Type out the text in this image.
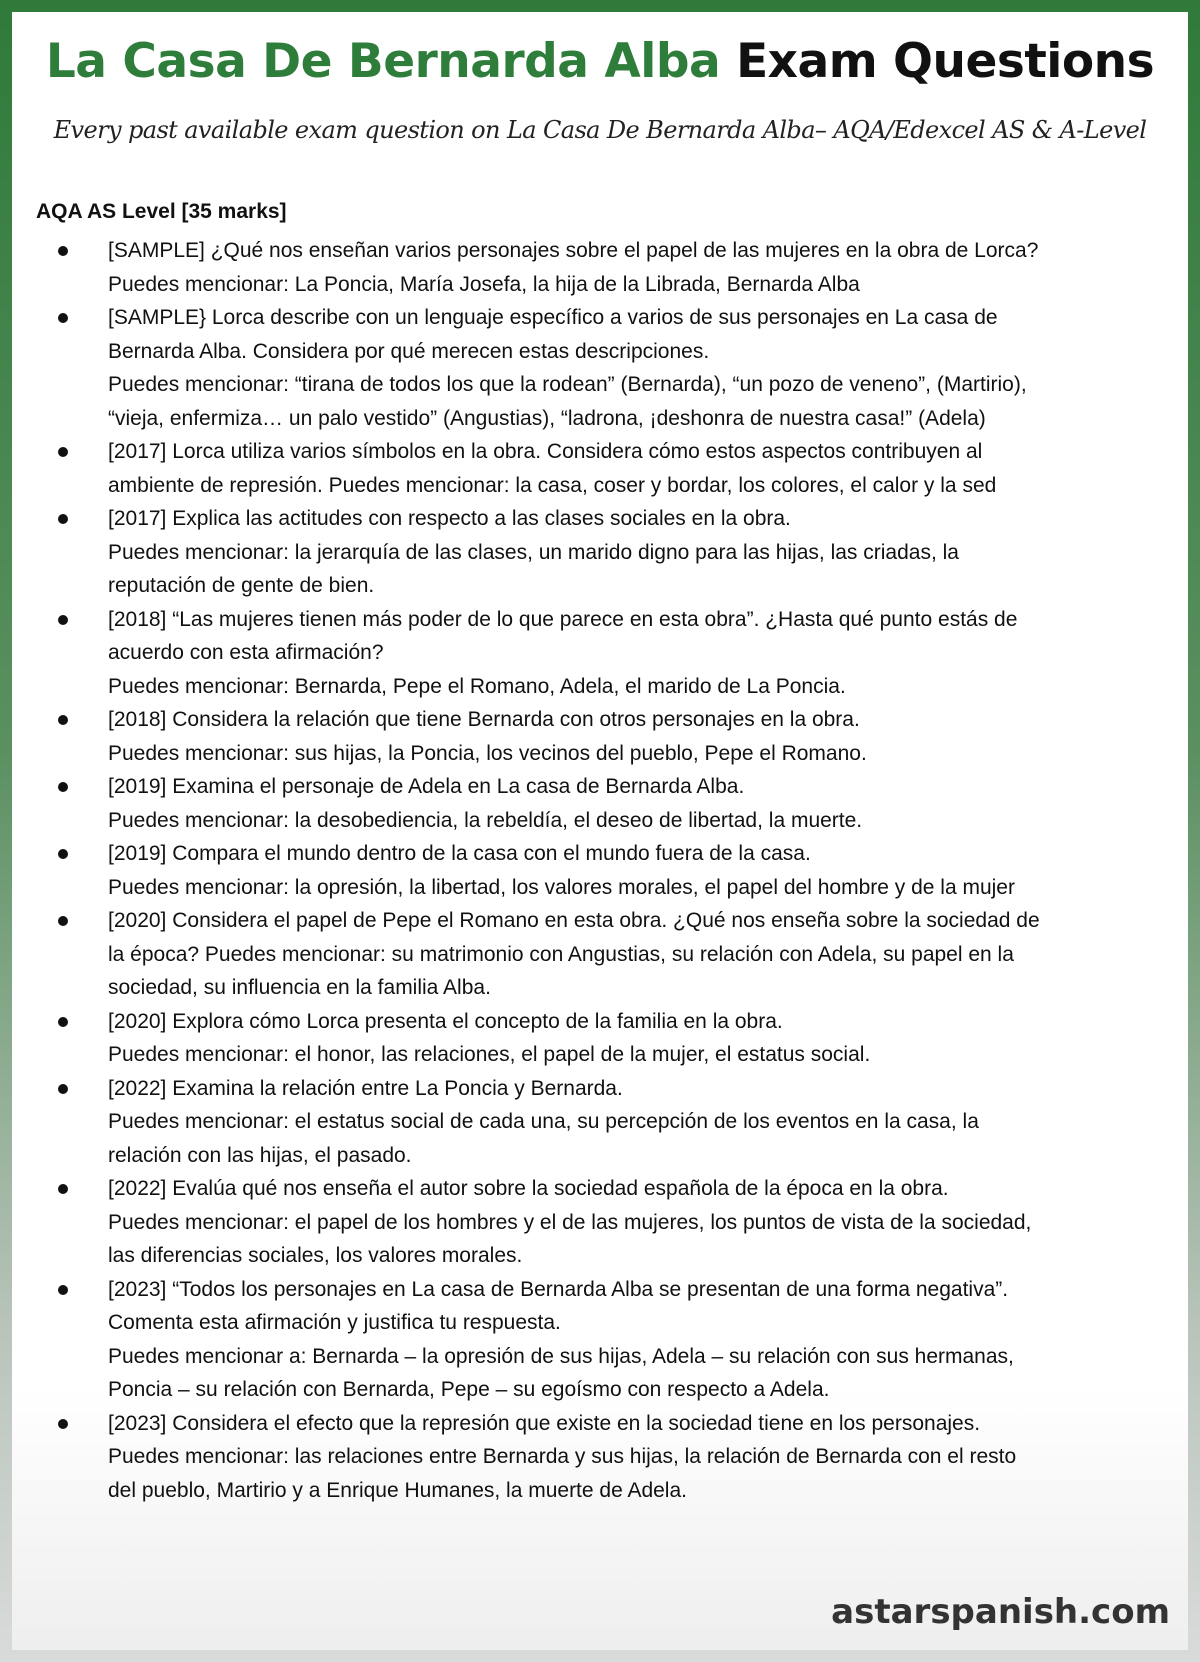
La Casa De Bernarda Alba Exam Questions
Every past available exam question on La Casa De Bernarda Alba– AQA/Edexcel AS & A-Level
AQA AS Level [35 marks]
[SAMPLE] ¿Qué nos enseñan varios personajes sobre el papel de las mujeres en la obra de Lorca?
Puedes mencionar: La Poncia, María Josefa, la hija de la Librada, Bernarda Alba
[SAMPLE} Lorca describe con un lenguaje específico a varios de sus personajes en La casa de
Bernarda Alba. Considera por qué merecen estas descripciones.
Puedes mencionar: “tirana de todos los que la rodean” (Bernarda), “un pozo de veneno”, (Martirio),
“vieja, enfermiza… un palo vestido” (Angustias), “ladrona, ¡deshonra de nuestra casa!” (Adela)
[2017] Lorca utiliza varios símbolos en la obra. Considera cómo estos aspectos contribuyen al
ambiente de represión. Puedes mencionar: la casa, coser y bordar, los colores, el calor y la sed
[2017] Explica las actitudes con respecto a las clases sociales en la obra.
Puedes mencionar: la jerarquía de las clases, un marido digno para las hijas, las criadas, la
reputación de gente de bien.
[2018] “Las mujeres tienen más poder de lo que parece en esta obra”. ¿Hasta qué punto estás de
acuerdo con esta afirmación?
Puedes mencionar: Bernarda, Pepe el Romano, Adela, el marido de La Poncia.
[2018] Considera la relación que tiene Bernarda con otros personajes en la obra.
Puedes mencionar: sus hijas, la Poncia, los vecinos del pueblo, Pepe el Romano.
[2019] Examina el personaje de Adela en La casa de Bernarda Alba.
Puedes mencionar: la desobediencia, la rebeldía, el deseo de libertad, la muerte.
[2019] Compara el mundo dentro de la casa con el mundo fuera de la casa.
Puedes mencionar: la opresión, la libertad, los valores morales, el papel del hombre y de la mujer
[2020] Considera el papel de Pepe el Romano en esta obra. ¿Qué nos enseña sobre la sociedad de
la época? Puedes mencionar: su matrimonio con Angustias, su relación con Adela, su papel en la
sociedad, su influencia en la familia Alba.
[2020] Explora cómo Lorca presenta el concepto de la familia en la obra.
Puedes mencionar: el honor, las relaciones, el papel de la mujer, el estatus social.
[2022] Examina la relación entre La Poncia y Bernarda.
Puedes mencionar: el estatus social de cada una, su percepción de los eventos en la casa, la
relación con las hijas, el pasado.
[2022] Evalúa qué nos enseña el autor sobre la sociedad española de la época en la obra.
Puedes mencionar: el papel de los hombres y el de las mujeres, los puntos de vista de la sociedad,
las diferencias sociales, los valores morales.
[2023] “Todos los personajes en La casa de Bernarda Alba se presentan de una forma negativa”.
Comenta esta afirmación y justifica tu respuesta.
Puedes mencionar a: Bernarda – la opresión de sus hijas, Adela – su relación con sus hermanas,
Poncia – su relación con Bernarda, Pepe – su egoísmo con respecto a Adela.
[2023] Considera el efecto que la represión que existe en la sociedad tiene en los personajes.
Puedes mencionar: las relaciones entre Bernarda y sus hijas, la relación de Bernarda con el resto
del pueblo, Martirio y a Enrique Humanes, la muerte de Adela.
astarspanish.com
